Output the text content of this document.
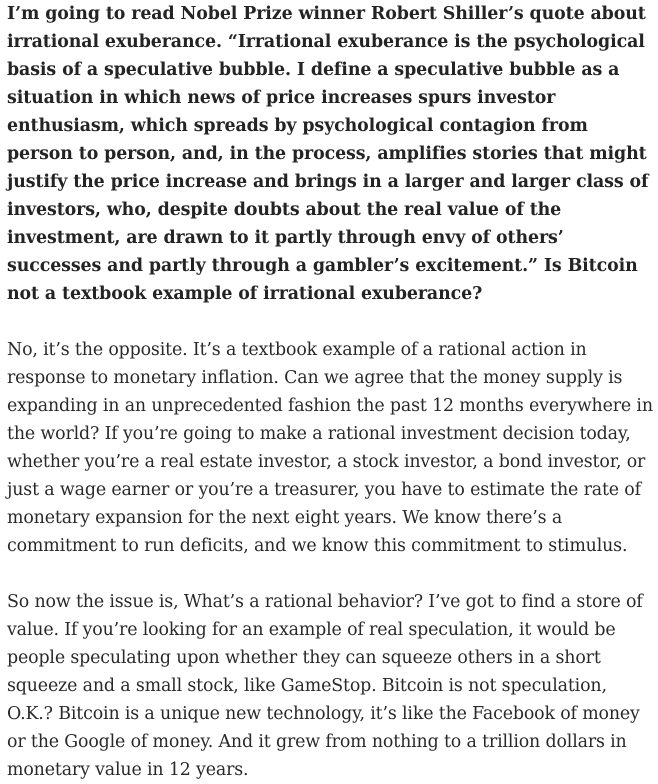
I’m going to read Nobel Prize winner Robert Shiller’s quote about irrational exuberance. “Irrational exuberance is the psychological basis of a speculative bubble. I define a speculative bubble as a situation in which news of price increases spurs investor enthusiasm, which spreads by psychological contagion from person to person, and, in the process, amplifies stories that might justify the price increase and brings in a larger and larger class of investors, who, despite doubts about the real value of the investment, are drawn to it partly through envy of others’ successes and partly through a gambler’s excitement.” Is Bitcoin not a textbook example of irrational exuberance?

No, it’s the opposite. It’s a textbook example of a rational action in response to monetary inflation. Can we agree that the money supply is expanding in an unprecedented fashion the past 12 months everywhere in the world? If you’re going to make a rational investment decision today, whether you’re a real estate investor, a stock investor, a bond investor, or just a wage earner or you’re a treasurer, you have to estimate the rate of monetary expansion for the next eight years. We know there’s a commitment to run deficits, and we know this commitment to stimulus.

So now the issue is, What’s a rational behavior? I’ve got to find a store of value. If you’re looking for an example of real speculation, it would be people speculating upon whether they can squeeze others in a short squeeze and a small stock, like GameStop. Bitcoin is not speculation, O.K.? Bitcoin is a unique new technology, it’s like the Facebook of money or the Google of money. And it grew from nothing to a trillion dollars in monetary value in 12 years.
